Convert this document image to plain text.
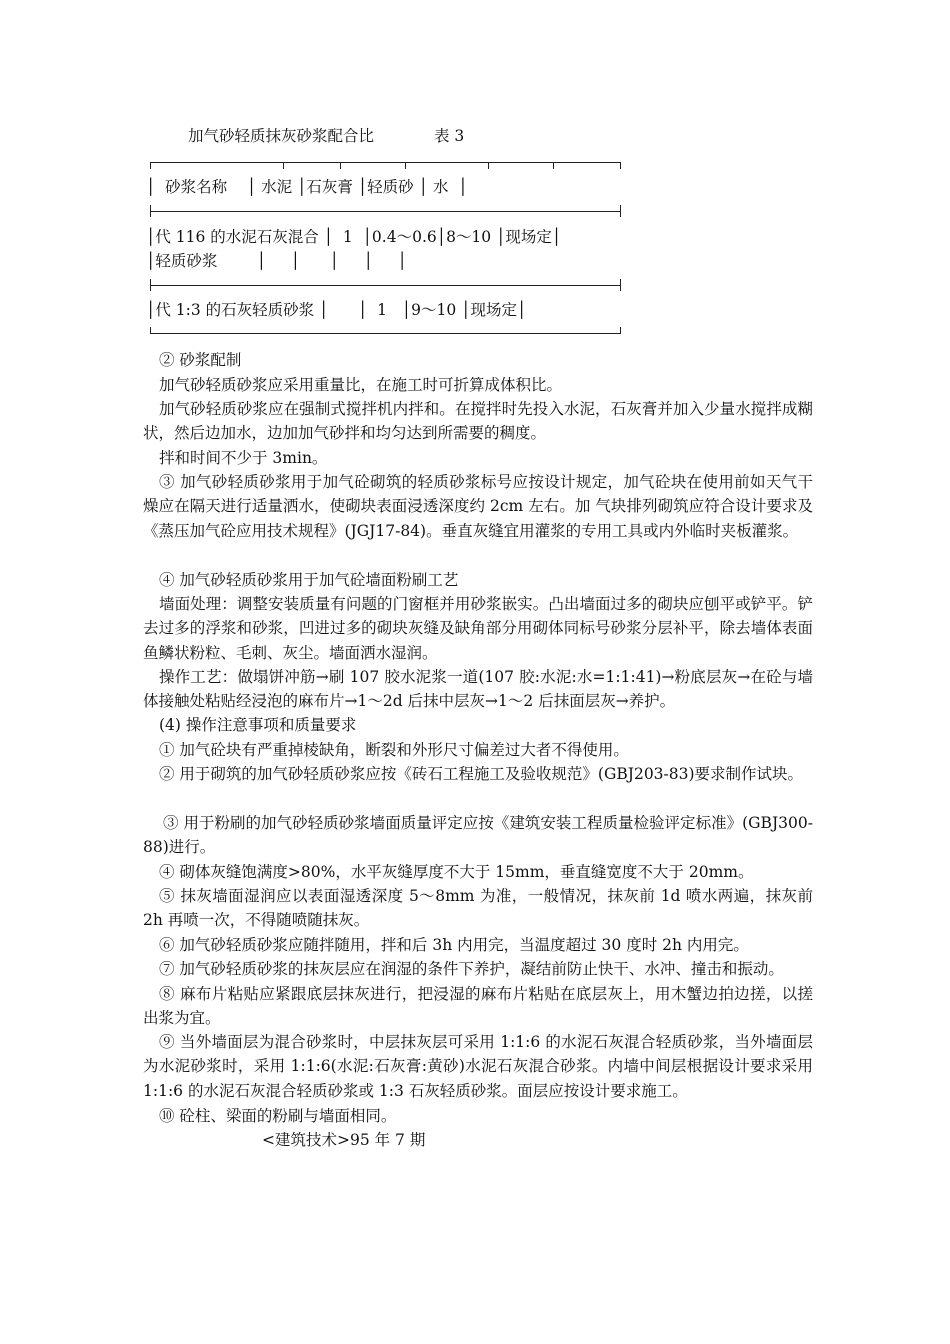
加气砂轻质抹灰砂浆配合比	表 3
│  砂浆名称    │ 水泥 │石灰膏 │轻质砂 │ 水  │
│代 116 的水泥石灰混合 │  1  │0.4～0.6│8～10 │现场定│
│轻质砂浆        │     │      │     │     │
│代 1:3 的石灰轻质砂浆 │      │  1   │9～10 │现场定│
② 砂浆配制
加气砂轻质砂浆应采用重量比，在施工时可折算成体积比。
加气砂轻质砂浆应在强制式搅拌机内拌和。在搅拌时先投入水泥，石灰膏并加入少量水搅拌成糊状，然后边加水，边加加气砂拌和均匀达到所需要的稠度。
拌和时间不少于 3min。
③ 加气砂轻质砂浆用于加气砼砌筑的轻质砂浆标号应按设计规定，加气砼块在使用前如天气干燥应在隔天进行适量洒水，使砌块表面浸透深度约 2cm 左右。加 气块排列砌筑应符合设计要求及《蒸压加气砼应用技术规程》(JGJ17-84)。垂直灰缝宜用灌浆的专用工具或内外临时夹板灌浆。
④ 加气砂轻质砂浆用于加气砼墙面粉刷工艺
墙面处理：调整安装质量有问题的门窗框并用砂浆嵌实。凸出墙面过多的砌块应刨平或铲平。铲去过多的浮浆和砂浆，凹进过多的砌块灰缝及缺角部分用砌体同标号砂浆分层补平，除去墙体表面鱼鳞状粉粒、毛刺、灰尘。墙面洒水湿润。
操作工艺：做塌饼冲筋→刷 107 胶水泥浆一道(107 胶:水泥:水=1:1:41)→粉底层灰→在砼与墙体接触处粘贴经浸泡的麻布片→1～2d 后抹中层灰→1～2 后抹面层灰→养护。
(4) 操作注意事项和质量要求
① 加气砼块有严重掉棱缺角，断裂和外形尺寸偏差过大者不得使用。
② 用于砌筑的加气砂轻质砂浆应按《砖石工程施工及验收规范》(GBJ203-83)要求制作试块。
③ 用于粉刷的加气砂轻质砂浆墙面质量评定应按《建筑安装工程质量检验评定标准》(GBJ300-88)进行。
④ 砌体灰缝饱满度>80%，水平灰缝厚度不大于 15mm，垂直缝宽度不大于 20mm。
⑤ 抹灰墙面湿润应以表面湿透深度 5～8mm 为准，一般情况，抹灰前 1d 喷水两遍，抹灰前 2h 再喷一次，不得随喷随抹灰。
⑥ 加气砂轻质砂浆应随拌随用，拌和后 3h 内用完，当温度超过 30 度时 2h 内用完。
⑦ 加气砂轻质砂浆的抹灰层应在润湿的条件下养护，凝结前防止快干、水冲、撞击和振动。
⑧ 麻布片粘贴应紧跟底层抹灰进行，把浸湿的麻布片粘贴在底层灰上，用木蟹边拍边搓，以搓出浆为宜。
⑨ 当外墙面层为混合砂浆时，中层抹灰层可采用 1:1:6 的水泥石灰混合轻质砂浆，当外墙面层为水泥砂浆时，采用 1:1:6(水泥:石灰膏:黄砂)水泥石灰混合砂浆。内墙中间层根据设计要求采用 1:1:6 的水泥石灰混合轻质砂浆或 1:3 石灰轻质砂浆。面层应按设计要求施工。
⑩ 砼柱、梁面的粉刷与墙面相同。
<建筑技术>95 年 7 期
